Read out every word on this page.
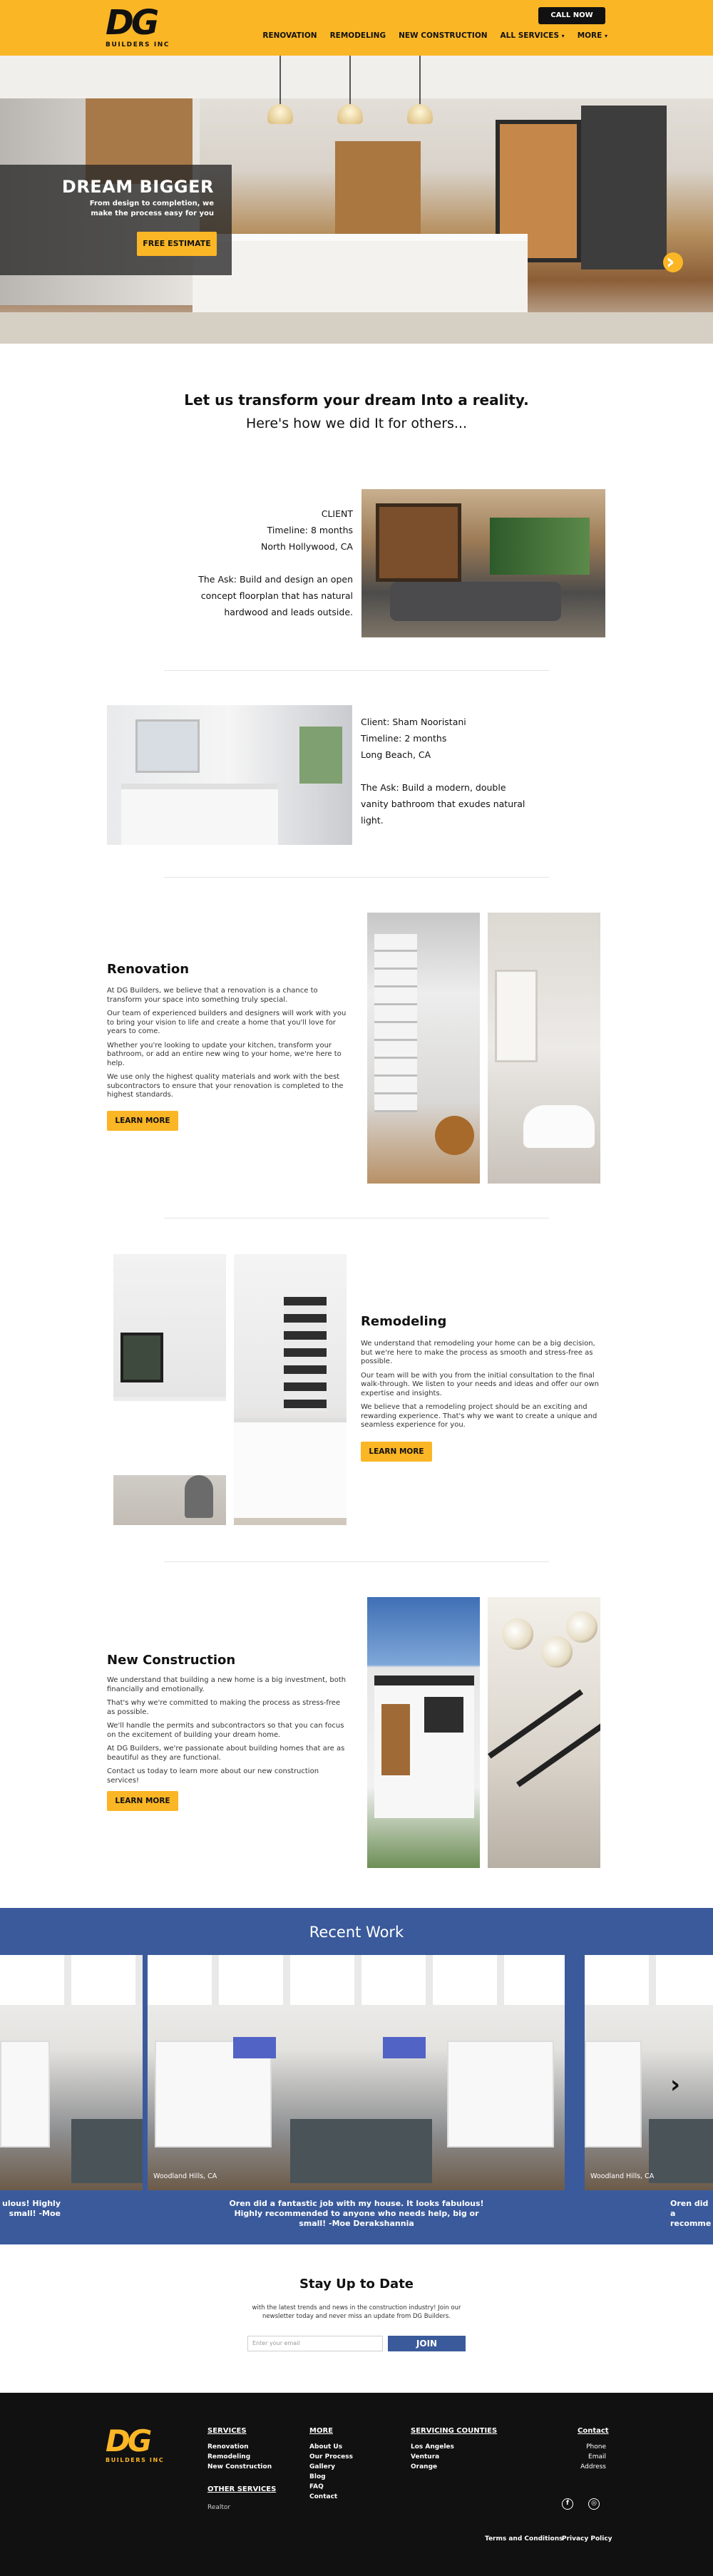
DG
BUILDERS INC
CALL NOW
RENOVATION REMODELING NEW CONSTRUCTION ALL SERVICES ▾ MORE ▾
DREAM BIGGER
From design to completion, we make the process easy for you
FREE ESTIMATE
›
Let us transform your dream Into a reality.
Here's how we did It for others...
CLIENT
Timeline: 8 months
North Hollywood, CA
The Ask: Build and design an open concept floorplan that has natural hardwood and leads outside.
Client: Sham Nooristani
Timeline: 2 months
Long Beach, CA
The Ask: Build a modern, double vanity bathroom that exudes natural light.
Renovation

At DG Builders, we believe that a renovation is a chance to transform your space into something truly special.

Our team of experienced builders and designers will work with you to bring your vision to life and create a home that you'll love for years to come.

Whether you're looking to update your kitchen, transform your bathroom, or add an entire new wing to your home, we're here to help.

We use only the highest quality materials and work with the best subcontractors to ensure that your renovation is completed to the highest standards.

LEARN MORE
Remodeling

We understand that remodeling your home can be a big decision, but we're here to make the process as smooth and stress-free as possible.

Our team will be with you from the initial consultation to the final walk-through. We listen to your needs and ideas and offer our own expertise and insights.

We believe that a remodeling project should be an exciting and rewarding experience. That's why we want to create a unique and seamless experience for you.

LEARN MORE
New Construction

We understand that building a new home is a big investment, both financially and emotionally.

That's why we're committed to making the process as stress-free as possible.

We'll handle the permits and subcontractors so that you can focus on the excitement of building your dream home.

At DG Builders, we're passionate about building homes that are as beautiful as they are functional.

Contact us today to learn more about our new construction services!

LEARN MORE
Recent Work
Woodland Hills, CA	Woodland Hills, CA
ulous! Highly
small! -Moe
Oren did a fantastic job with my house. It looks fabulous! Highly recommended to anyone who needs help, big or small! -Moe Derakshannia
Oren did a
recomme
›
Stay Up to Date
with the latest trends and news in the construction industry! Join our newsletter today and never miss an update from DG Builders.
Enter your email	JOIN
DG
BUILDERS INC
SERVICES
Renovation
Remodeling
New Construction
OTHER SERVICES
Realtor
MORE
About Us
Our Process
Gallery
Blog
FAQ
Contact
SERVICING COUNTIES
Los Angeles
Ventura
Orange
Contact
Phone
Email
Address
f	◎
Terms and Conditions
Privacy Policy
